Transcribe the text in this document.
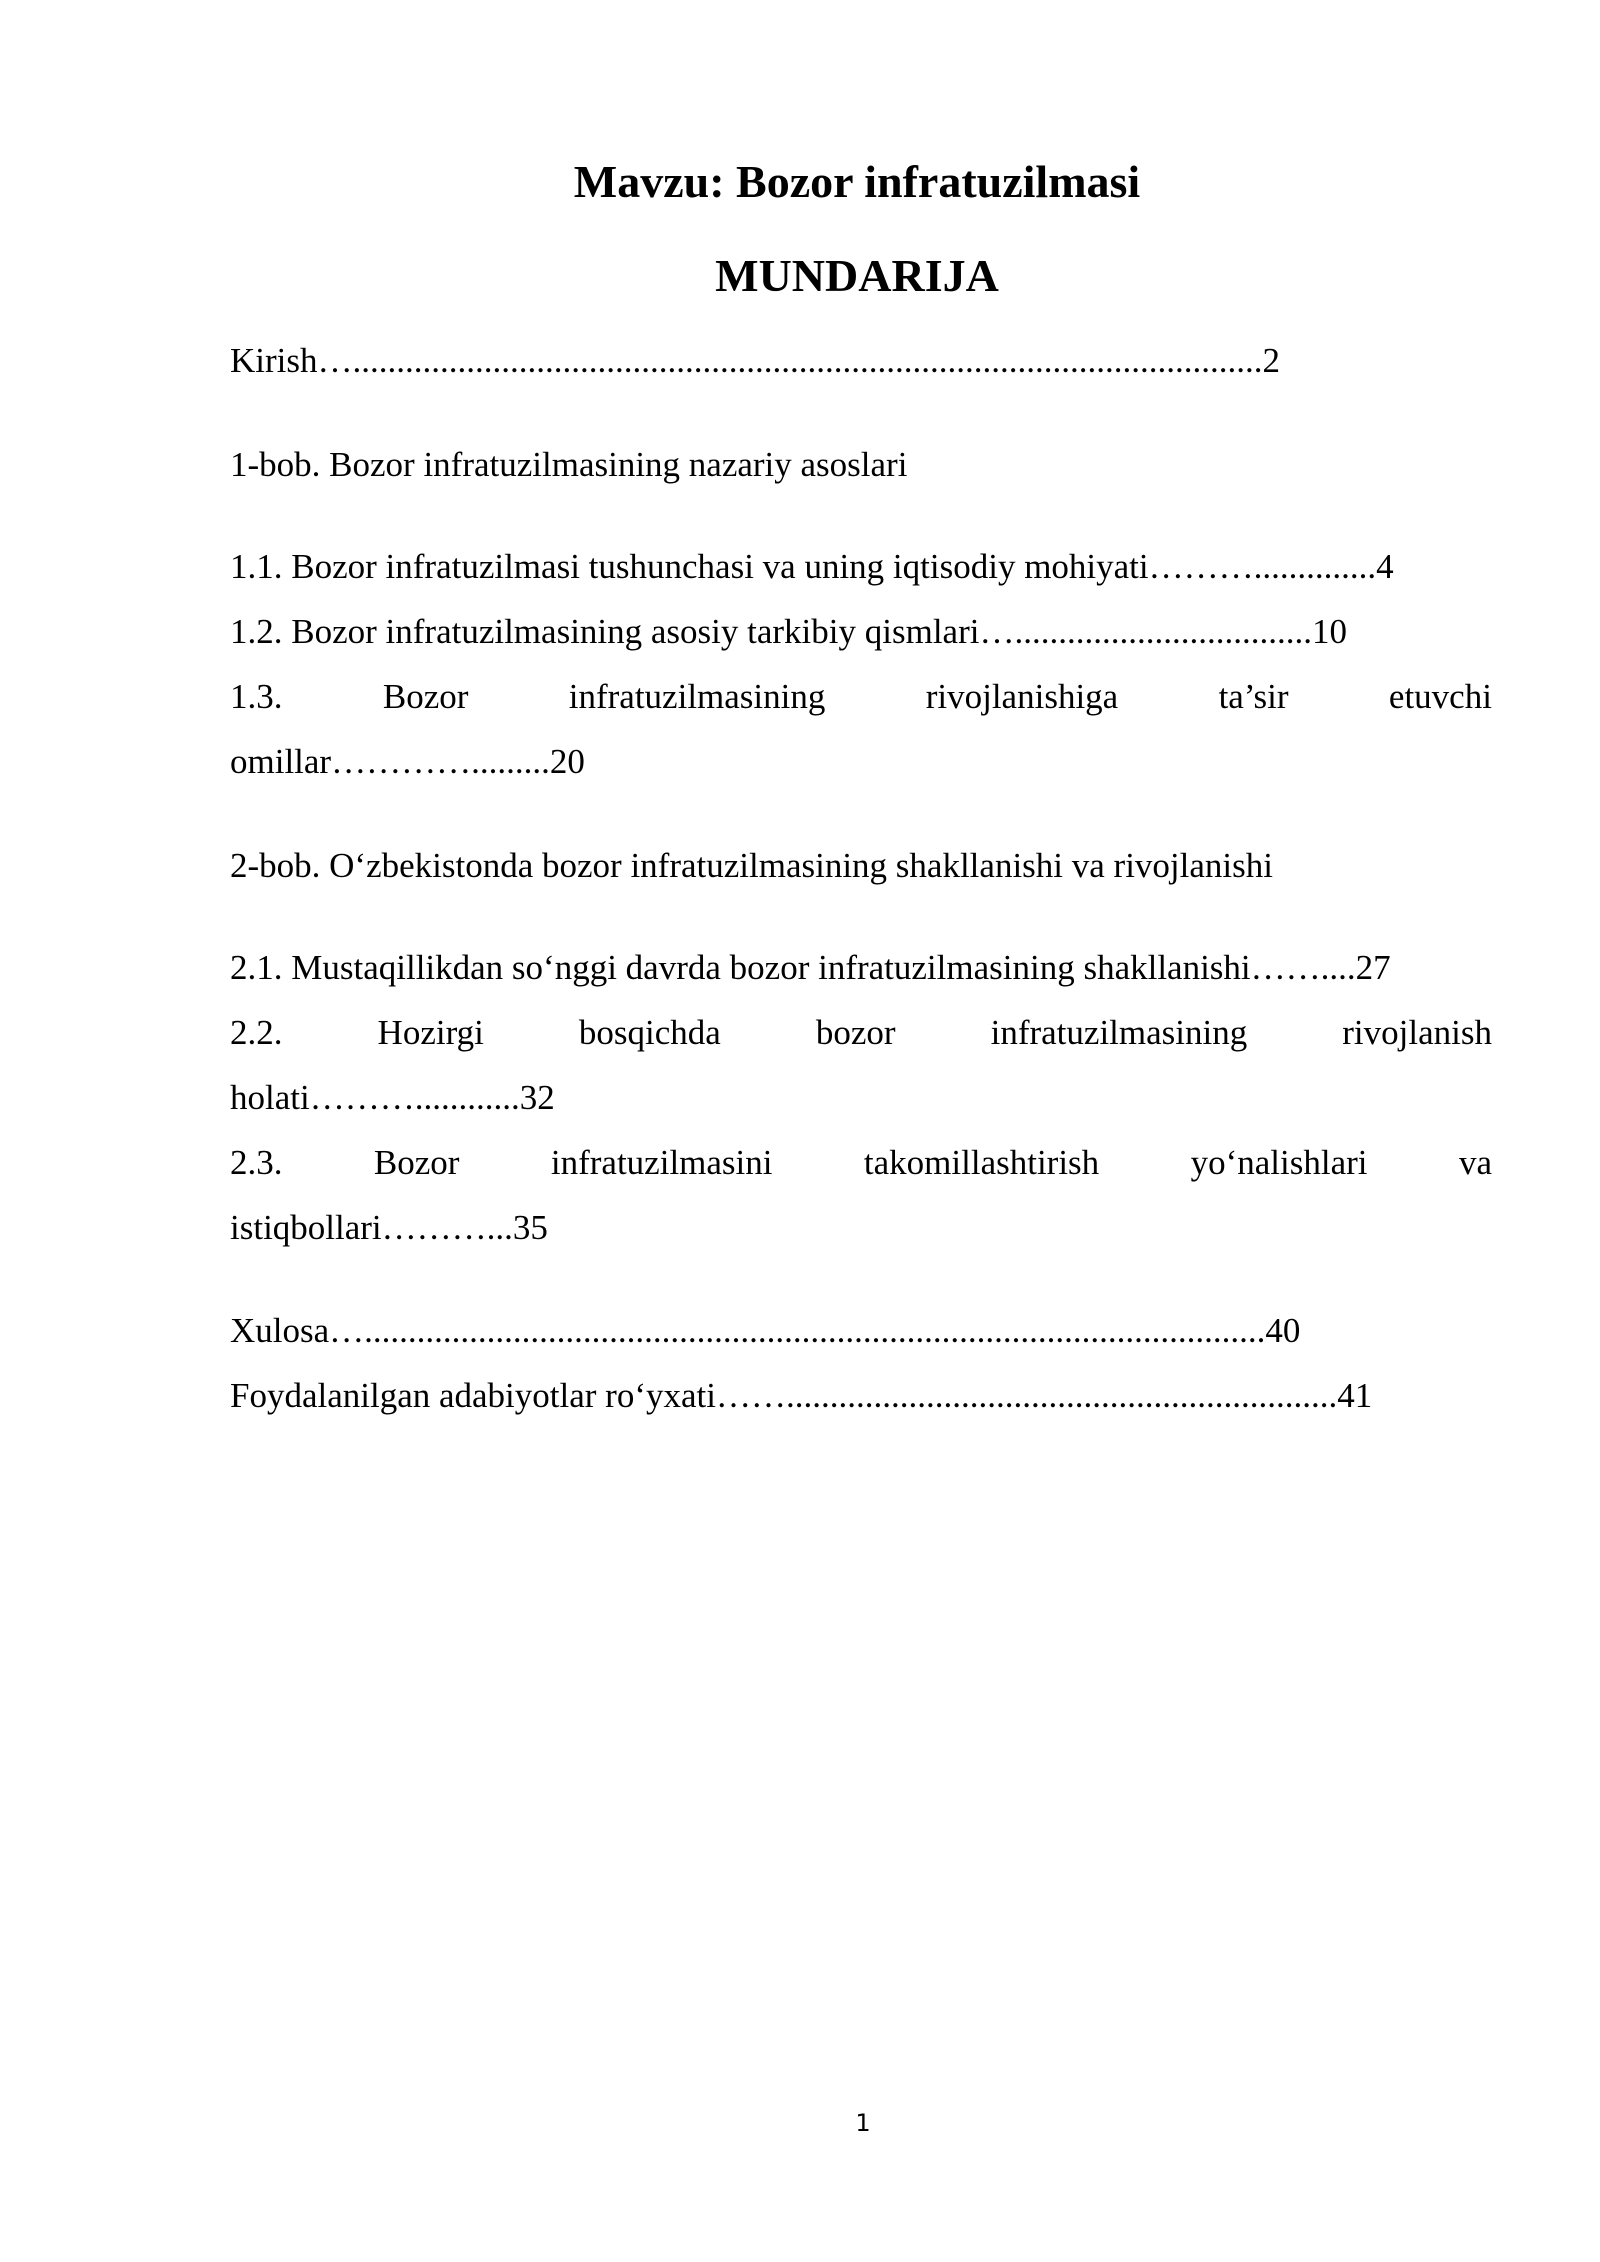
Mavzu: Bozor infratuzilmasi
MUNDARIJA
Kirish…........................................................................................................2
1-bob. Bozor infratuzilmasining nazariy asoslari
1.1. Bozor infratuzilmasi tushunchasi va uning iqtisodiy mohiyati………..............4
1.2. Bozor infratuzilmasining asosiy tarkibiy qismlari…..................................10
1.3.	Bozor	infratuzilmasining	rivojlanishiga	ta’sir	etuvchi
omillar………….........20
2-bob. O‘zbekistonda bozor infratuzilmasining shakllanishi va rivojlanishi
2.1. Mustaqillikdan so‘nggi davrda bozor infratuzilmasining shakllanishi……....27
2.2.	Hozirgi	bosqichda	bozor	infratuzilmasining	rivojlanish
holati………............32
2.3.	Bozor	infratuzilmasini	takomillashtirish	yo‘nalishlari	va
istiqbollari………...35
Xulosa….......................................................................................................40
Foydalanilgan adabiyotlar ro‘yxati……...............................................................41
1
